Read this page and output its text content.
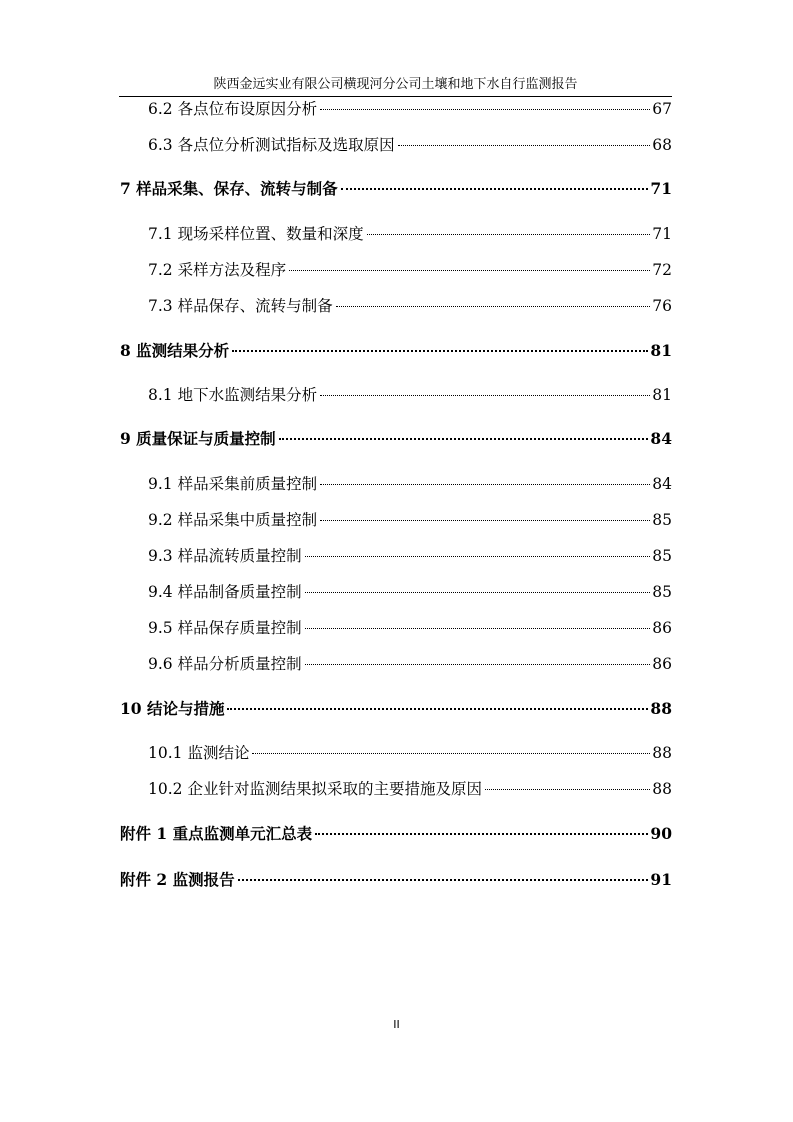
陕西金远实业有限公司横现河分公司土壤和地下水自行监测报告
6.2 各点位布设原因分析	67
6.3 各点位分析测试指标及选取原因	68
7 样品采集、保存、流转与制备	71
7.1 现场采样位置、数量和深度	71
7.2 采样方法及程序	72
7.3 样品保存、流转与制备	76
8 监测结果分析	81
8.1 地下水监测结果分析	81
9 质量保证与质量控制	84
9.1 样品采集前质量控制	84
9.2 样品采集中质量控制	85
9.3 样品流转质量控制	85
9.4 样品制备质量控制	85
9.5 样品保存质量控制	86
9.6 样品分析质量控制	86
10 结论与措施	88
10.1 监测结论	88
10.2 企业针对监测结果拟采取的主要措施及原因	88
附件 1 重点监测单元汇总表	90
附件 2 监测报告	91
II
